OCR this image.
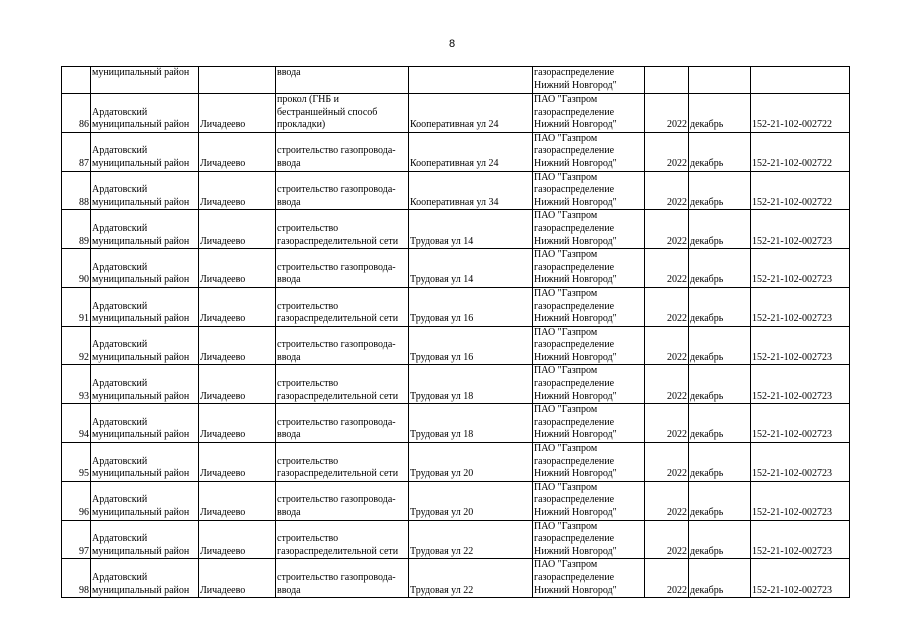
8

	муниципальный район		ввода		газораспределение
Нижний Новгород"			

86	Ардатовский
муниципальный район	Личадеево	прокол (ГНБ и
бестраншейный способ
прокладки)	Кооперативная ул 24	ПАО "Газпром
газораспределение
Нижний Новгород"	2022	декабрь	152-21-102-002722
87	Ардатовский
муниципальный район	Личадеево	строительство газопровода-
ввода	Кооперативная ул 24	ПАО "Газпром
газораспределение
Нижний Новгород"	2022	декабрь	152-21-102-002722
88	Ардатовский
муниципальный район	Личадеево	строительство газопровода-
ввода	Кооперативная ул 34	ПАО "Газпром
газораспределение
Нижний Новгород"	2022	декабрь	152-21-102-002722
89	Ардатовский
муниципальный район	Личадеево	строительство
газораспределительной сети	Трудовая ул 14	ПАО "Газпром
газораспределение
Нижний Новгород"	2022	декабрь	152-21-102-002723
90	Ардатовский
муниципальный район	Личадеево	строительство газопровода-
ввода	Трудовая ул 14	ПАО "Газпром
газораспределение
Нижний Новгород"	2022	декабрь	152-21-102-002723
91	Ардатовский
муниципальный район	Личадеево	строительство
газораспределительной сети	Трудовая ул 16	ПАО "Газпром
газораспределение
Нижний Новгород"	2022	декабрь	152-21-102-002723
92	Ардатовский
муниципальный район	Личадеево	строительство газопровода-
ввода	Трудовая ул 16	ПАО "Газпром
газораспределение
Нижний Новгород"	2022	декабрь	152-21-102-002723
93	Ардатовский
муниципальный район	Личадеево	строительство
газораспределительной сети	Трудовая ул 18	ПАО "Газпром
газораспределение
Нижний Новгород"	2022	декабрь	152-21-102-002723
94	Ардатовский
муниципальный район	Личадеево	строительство газопровода-
ввода	Трудовая ул 18	ПАО "Газпром
газораспределение
Нижний Новгород"	2022	декабрь	152-21-102-002723
95	Ардатовский
муниципальный район	Личадеево	строительство
газораспределительной сети	Трудовая ул 20	ПАО "Газпром
газораспределение
Нижний Новгород"	2022	декабрь	152-21-102-002723
96	Ардатовский
муниципальный район	Личадеево	строительство газопровода-
ввода	Трудовая ул 20	ПАО "Газпром
газораспределение
Нижний Новгород"	2022	декабрь	152-21-102-002723
97	Ардатовский
муниципальный район	Личадеево	строительство
газораспределительной сети	Трудовая ул 22	ПАО "Газпром
газораспределение
Нижний Новгород"	2022	декабрь	152-21-102-002723
98	Ардатовский
муниципальный район	Личадеево	строительство газопровода-
ввода	Трудовая ул 22	ПАО "Газпром
газораспределение
Нижний Новгород"	2022	декабрь	152-21-102-002723
